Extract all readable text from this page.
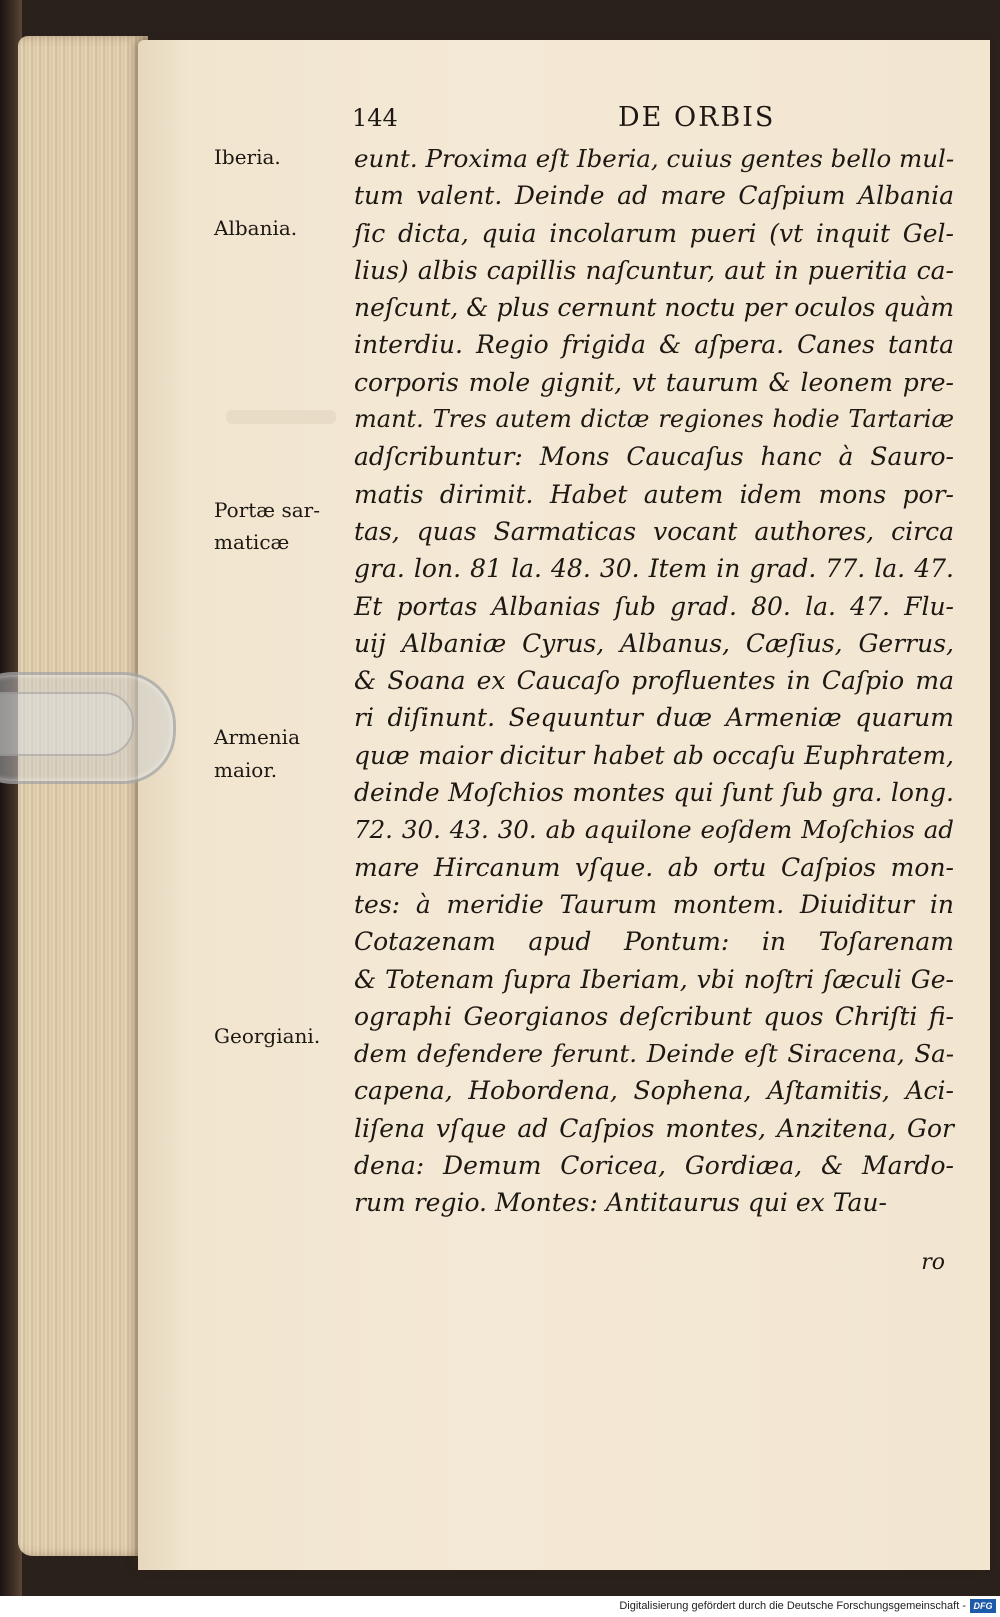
144	DE ORBIS
Iberia.
Albania.
Portæ sar-
maticæ
Armenia
maior.
Georgiani.
eunt. Proxima eſt Iberia, cuius gentes bello mul-
tum valent. Deinde ad mare Caſpium Albania
ſic dicta, quia incolarum pueri (vt inquit Gel-
lius) albis capillis naſcuntur, aut in pueritia ca-
neſcunt, & plus cernunt noctu per oculos quàm
interdiu. Regio frigida & aſpera. Canes tanta
corporis mole gignit, vt taurum & leonem pre-
mant. Tres autem dictæ regiones hodie Tartariæ
adſcribuntur: Mons Caucaſus hanc à Sauro-
matis dirimit. Habet autem idem mons por-
tas, quas Sarmaticas vocant authores, circa
gra. lon. 81 la. 48. 30. Item in grad. 77. la. 47.
Et portas Albanias ſub grad. 80. la. 47. Flu-
uij Albaniæ Cyrus, Albanus, Cæſius, Gerrus,
& Soana ex Caucaſo profluentes in Caſpio ma
ri diſinunt. Sequuntur duæ Armeniæ quarum
quæ maior dicitur habet ab occaſu Euphratem,
deinde Moſchios montes qui ſunt ſub gra. long.
72. 30. 43. 30. ab aquilone eoſdem Moſchios ad
mare Hircanum vſque. ab ortu Caſpios mon-
tes: à meridie Taurum montem. Diuiditur in
Cotazenam apud Pontum: in Toſarenam
& Totenam ſupra Iberiam, vbi noſtri ſæculi Ge-
ographi Georgianos deſcribunt quos Chriſti fi-
dem defendere ferunt. Deinde eſt Siracena, Sa-
capena, Hobordena, Sophena, Aſtamitis, Aci-
liſena vſque ad Caſpios montes, Anzitena, Gor
dena: Demum Coricea, Gordiæa, & Mardo-
rum regio. Montes: Antitaurus qui ex Tau-
ro
Digitalisierung gefördert durch die Deutsche Forschungsgemeinschaft - DFG
